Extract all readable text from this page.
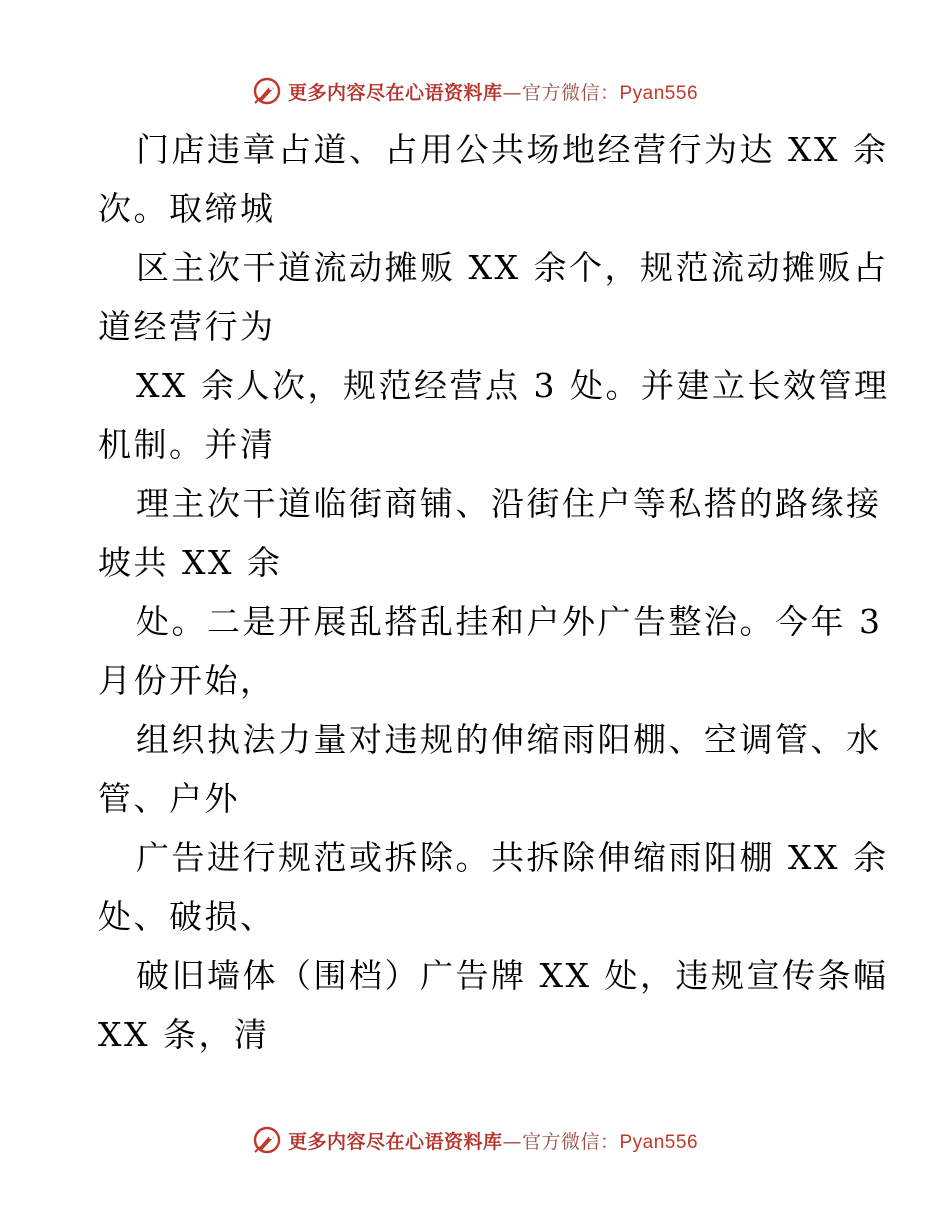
更多内容尽在心语资料库—官方微信：Pyan556
门店违章占道、占用公共场地经营行为达 XX 余
次。取缔城
区主次干道流动摊贩 XX 余个，规范流动摊贩占
道经营行为
XX 余人次，规范经营点 3 处。并建立长效管理
机制。并清
理主次干道临街商铺、沿街住户等私搭的路缘接
坡共 XX 余
处。二是开展乱搭乱挂和户外广告整治。今年 3
月份开始，
组织执法力量对违规的伸缩雨阳棚、空调管、水
管、户外
广告进行规范或拆除。共拆除伸缩雨阳棚 XX 余
处、破损、
破旧墙体（围档）广告牌 XX 处，违规宣传条幅
XX 条，清
更多内容尽在心语资料库—官方微信：Pyan556
